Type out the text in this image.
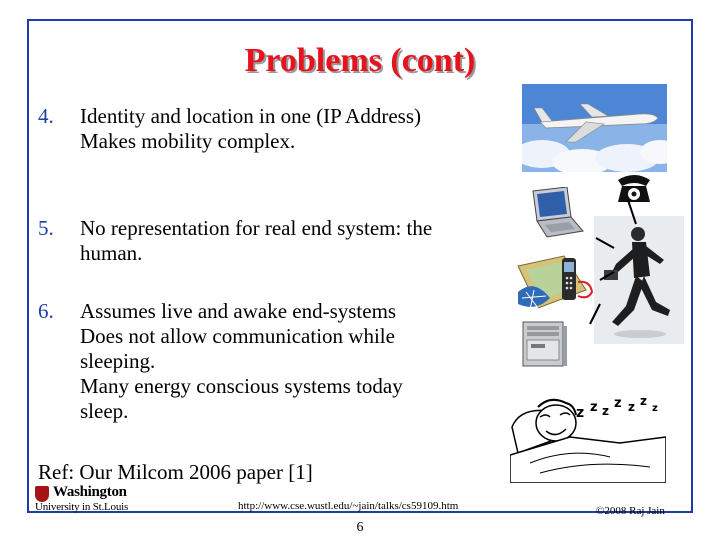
Problems (cont)
4. Identity and location in one (IP Address)
Makes mobility complex.
5. No representation for real end system: the
human.
6. Assumes live and awake end-systems
Does not allow communication while
sleeping.
Many energy conscious systems today
sleep.
Ref: Our Milcom 2006 paper [1]
z z z z z z
z
Washington
University in St.Louis	http://www.cse.wustl.edu/~jain/talks/cs59109.htm	©2008 Raj Jain
6
